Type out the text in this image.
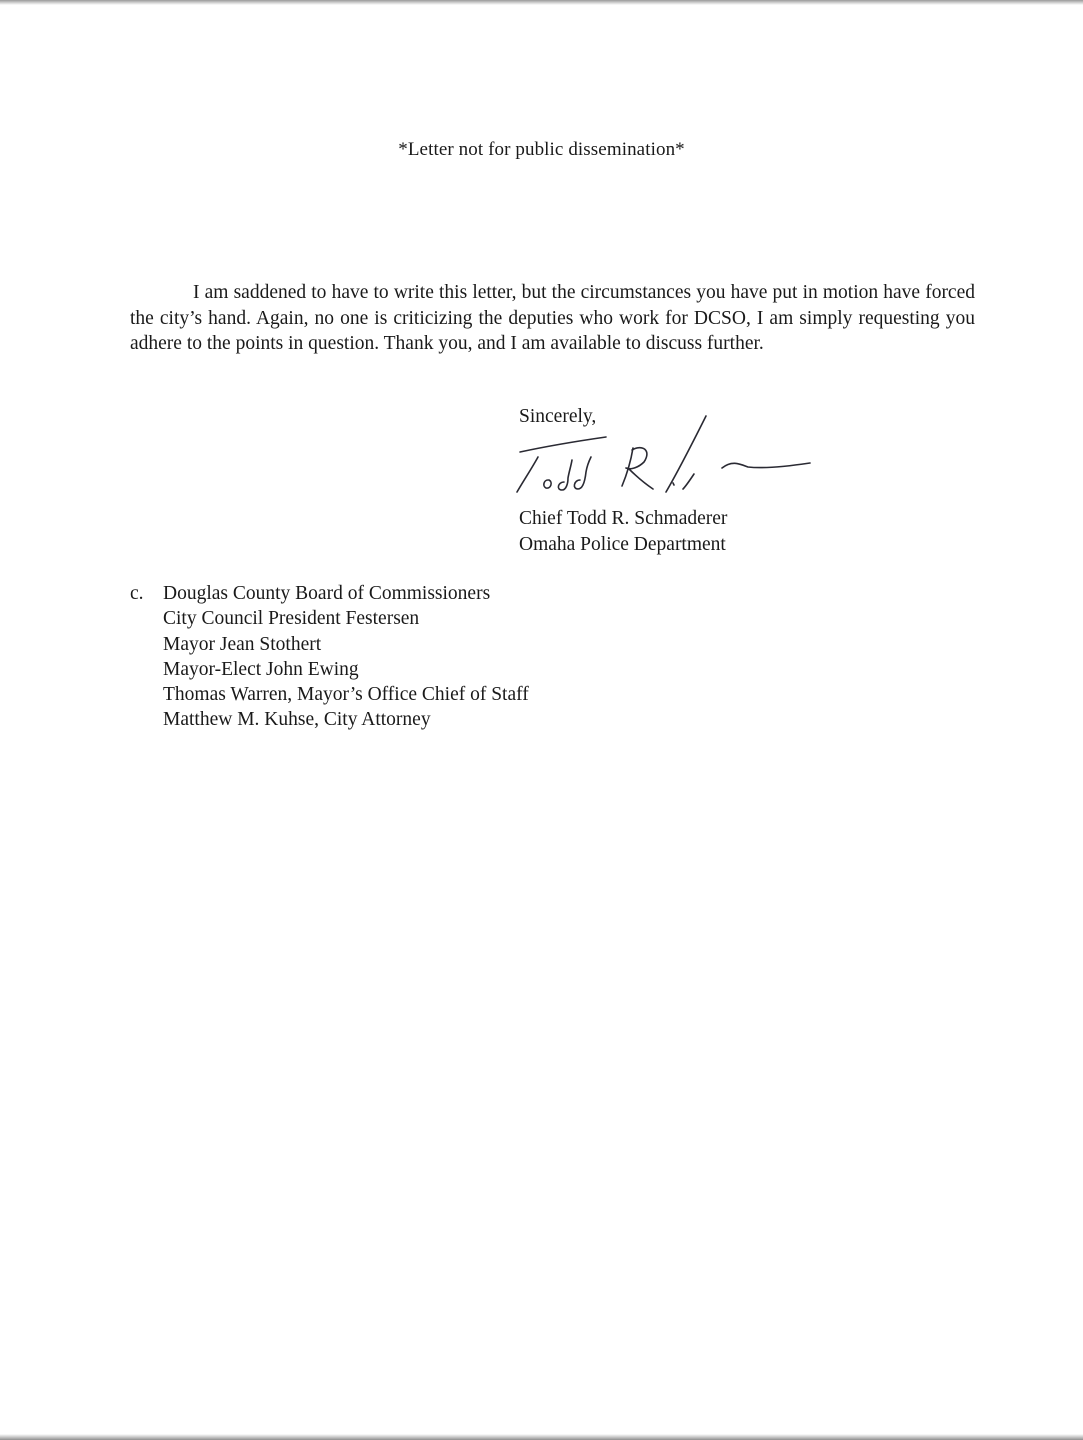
*Letter not for public dissemination*

I am saddened to have to write this letter, but the circumstances you have put in motion have forced the city’s hand. Again, no one is criticizing the deputies who work for DCSO, I am simply requesting you adhere to the points in question. Thank you, and I am available to discuss further.

Sincerely,
Chief Todd R. Schmaderer
Omaha Police Department
c. Douglas County Board of Commissioners
City Council President Festersen
Mayor Jean Stothert
Mayor-Elect John Ewing
Thomas Warren, Mayor’s Office Chief of Staff
Matthew M. Kuhse, City Attorney
